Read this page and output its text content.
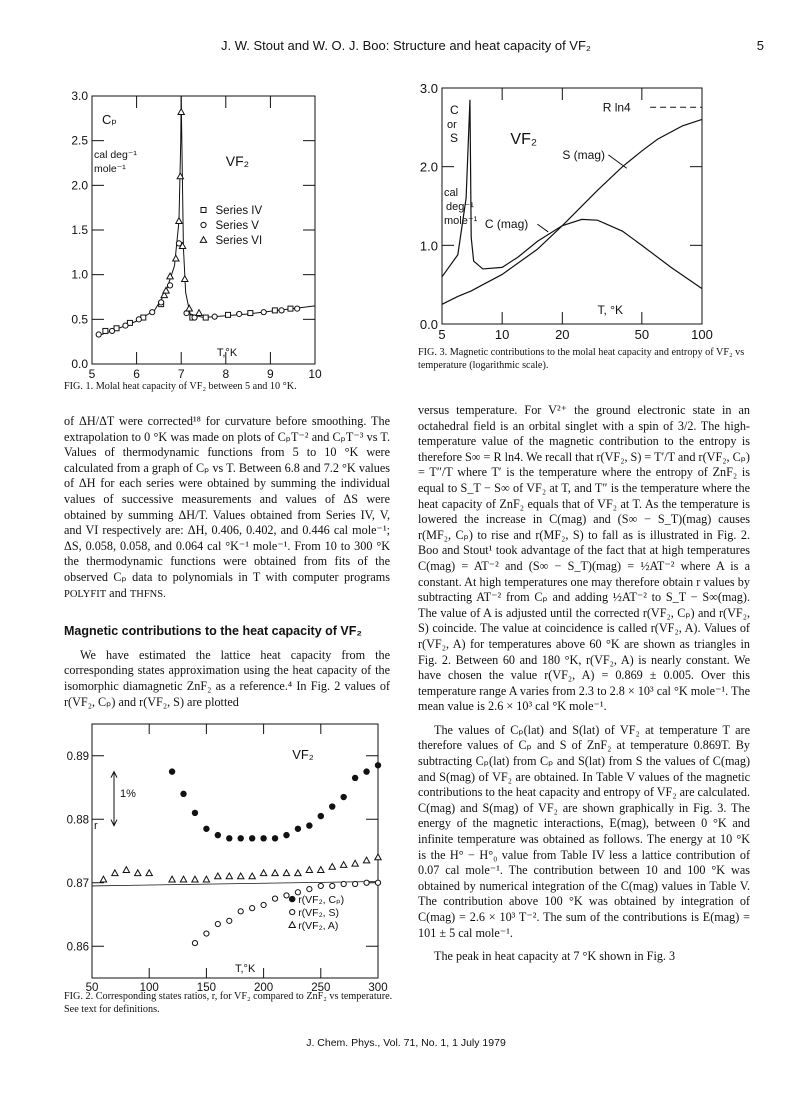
J. W. Stout and W. O. J. Boo: Structure and heat capacity of VF₂	5
5	6	7	8	9	10
0.0
0.5
1.0
1.5
2.0
2.5
3.0
Cₚ
cal deg⁻¹
mole⁻¹	VF₂
T,°K
Series IV
Series V
Series VI
FIG. 1. Molal heat capacity of VF₂ between 5 and 10 °K.
5	10	20	50	100
0.0
1.0
2.0
3.0
C
or
S
cal
deg⁻¹
mole⁻¹
VF₂
T, °K
R ln4
S (mag)
C (mag)
FIG. 3. Magnetic contributions to the molal heat capacity and entropy of VF₂ vs temperature (logarithmic scale).

of ΔH/ΔT were corrected¹⁸ for curvature before smoothing. The extrapolation to 0 °K was made on plots of CₚT⁻² and CₚT⁻³ vs T. Values of thermodynamic functions from 5 to 10 °K were calculated from a graph of Cₚ vs T. Between 6.8 and 7.2 °K values of ΔH for each series were obtained by summing the individual values of successive measurements and values of ΔS were obtained by summing ΔH/T. Values obtained from Series IV, V, and VI respectively are: ΔH, 0.406, 0.402, and 0.446 cal mole⁻¹; ΔS, 0.058, 0.058, and 0.064 cal °K⁻¹ mole⁻¹. From 10 to 300 °K the thermodynamic functions were obtained from fits of the observed Cₚ data to polynomials in T with computer programs POLYFIT and THFNS.

Magnetic contributions to the heat capacity of VF₂

We have estimated the lattice heat capacity from the corresponding states approximation using the heat capacity of the isomorphic diamagnetic ZnF₂ as a reference.⁴ In Fig. 2 values of r(VF₂, Cₚ) and r(VF₂, S) are plotted

50	100	150	200	250	300
0.86
0.87
0.88
0.89
r
VF₂
T,°K
1%
r(VF₂, Cₚ)
r(VF₂, S)
r(VF₂, A)
FIG. 2. Corresponding states ratios, r, for VF₂ compared to ZnF₂ vs temperature. See text for definitions.

versus temperature. For V²⁺ the ground electronic state in an octahedral field is an orbital singlet with a spin of 3/2. The high-temperature value of the magnetic contribution to the entropy is therefore S∞ = R ln4. We recall that r(VF₂, S) = T′/T and r(VF₂, Cₚ) = T″/T where T′ is the temperature where the entropy of ZnF₂ is equal to S_T − S∞ of VF₂ at T, and T″ is the temperature where the heat capacity of ZnF₂ equals that of VF₂ at T. As the temperature is lowered the increase in C(mag) and (S∞ − S_T)(mag) causes r(MF₂, Cₚ) to rise and r(MF₂, S) to fall as is illustrated in Fig. 2. Boo and Stout¹ took advantage of the fact that at high temperatures C(mag) = AT⁻² and (S∞ − S_T)(mag) = ½AT⁻² where A is a constant. At high temperatures one may therefore obtain r values by subtracting AT⁻² from Cₚ and adding ½AT⁻² to S_T − S∞(mag). The value of A is adjusted until the corrected r(VF₂, Cₚ) and r(VF₂, S) coincide. The value at coincidence is called r(VF₂, A). Values of r(VF₂, A) for temperatures above 60 °K are shown as triangles in Fig. 2. Between 60 and 180 °K, r(VF₂, A) is nearly constant. We have chosen the value r(VF₂, A) = 0.869 ± 0.005. Over this temperature range A varies from 2.3 to 2.8 × 10³ cal °K mole⁻¹. The mean value is 2.6 × 10³ cal °K mole⁻¹.

The values of Cₚ(lat) and S(lat) of VF₂ at temperature T are therefore values of Cₚ and S of ZnF₂ at temperature 0.869T. By subtracting Cₚ(lat) from Cₚ and S(lat) from S the values of C(mag) and S(mag) of VF₂ are obtained. In Table V values of the magnetic contributions to the heat capacity and entropy of VF₂ are calculated. C(mag) and S(mag) of VF₂ are shown graphically in Fig. 3. The energy of the magnetic interactions, E(mag), between 0 °K and infinite temperature was obtained as follows. The energy at 10 °K is the H° − H°₀ value from Table IV less a lattice contribution of 0.07 cal mole⁻¹. The contribution between 10 and 100 °K was obtained by numerical integration of the C(mag) values in Table V. The contribution above 100 °K was obtained by integration of C(mag) = 2.6 × 10³ T⁻². The sum of the contributions is E(mag) = 101 ± 5 cal mole⁻¹.

The peak in heat capacity at 7 °K shown in Fig. 3

J. Chem. Phys., Vol. 71, No. 1, 1 July 1979
